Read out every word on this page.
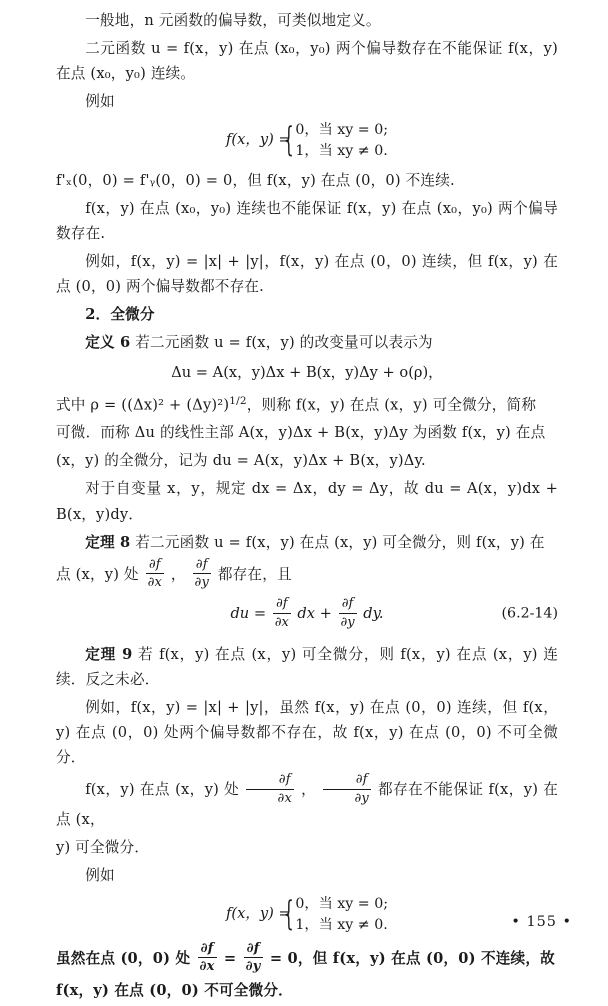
一般地，n 元函数的偏导数，可类似地定义。

二元函数 u = f(x，y) 在点 (x₀，y₀) 两个偏导数存在不能保证 f(x，y) 在点 (x₀，y₀) 连续。

例如

f(x，y) =
{ 0，当 xy = 0;
1，当 xy ≠ 0.

f'ₓ(0，0) = f'ᵧ(0，0) = 0，但 f(x，y) 在点 (0，0) 不连续.

f(x，y) 在点 (x₀，y₀) 连续也不能保证 f(x，y) 在点 (x₀，y₀) 两个偏导数存在.

例如，f(x，y) = |x| + |y|，f(x，y) 在点 (0，0) 连续，但 f(x，y) 在点 (0，0) 两个偏导数都不存在.

2．全微分

定义 6 若二元函数 u = f(x，y) 的改变量可以表示为

Δu = A(x，y)Δx + B(x，y)Δy + o(ρ)，

式中 $\rho = ((\Delta x)^2 + (\Delta y)^2)^{1/2}$，则称 f(x，y) 在点 (x，y) 可全微分，简称

可微．而称 Δu 的线性主部 A(x，y)Δx + B(x，y)Δy 为函数 f(x，y) 在点

(x，y) 的全微分，记为 du = A(x，y)Δx + B(x，y)Δy.

对于自变量 x，y，规定 dx = Δx，dy = Δy，故 du = A(x，y)dx + B(x，y)dy．

定理 8 若二元函数 u = f(x，y) 在点 (x，y) 可全微分，则 f(x，y) 在

点 (x，y) 处 $\frac{\partial f}{\partial x}$ ， $\frac{\partial f}{\partial y}$ 都存在，且

du = $\frac{\partial f}{\partial x}$ dx + $\frac{\partial f}{\partial y}$ dy.	(6.2-14)

定理 9 若 f(x，y) 在点 (x，y) 可全微分，则 f(x，y) 在点 (x，y) 连续．反之未必．

例如，f(x，y) = |x| + |y|，虽然 f(x，y) 在点 (0，0) 连续，但 f(x，y) 在点 (0，0) 处两个偏导数都不存在，故 f(x，y) 在点 (0，0) 不可全微分．

f(x，y) 在点 (x，y) 处 $\frac{\partial f}{\partial x}$ ， $\frac{\partial f}{\partial y}$ 都存在不能保证 f(x，y) 在点 (x，

y) 可全微分．

例如

f(x，y) =
{ 0，当 xy = 0;
1，当 xy ≠ 0.

虽然在点 (0，0) 处 $\frac{\partial f}{\partial x} = \frac{\partial f}{\partial y} = 0$，但 f(x，y) 在点 (0，0) 不连续，故

f(x，y) 在点 (0，0) 不可全微分．

• 155 •
